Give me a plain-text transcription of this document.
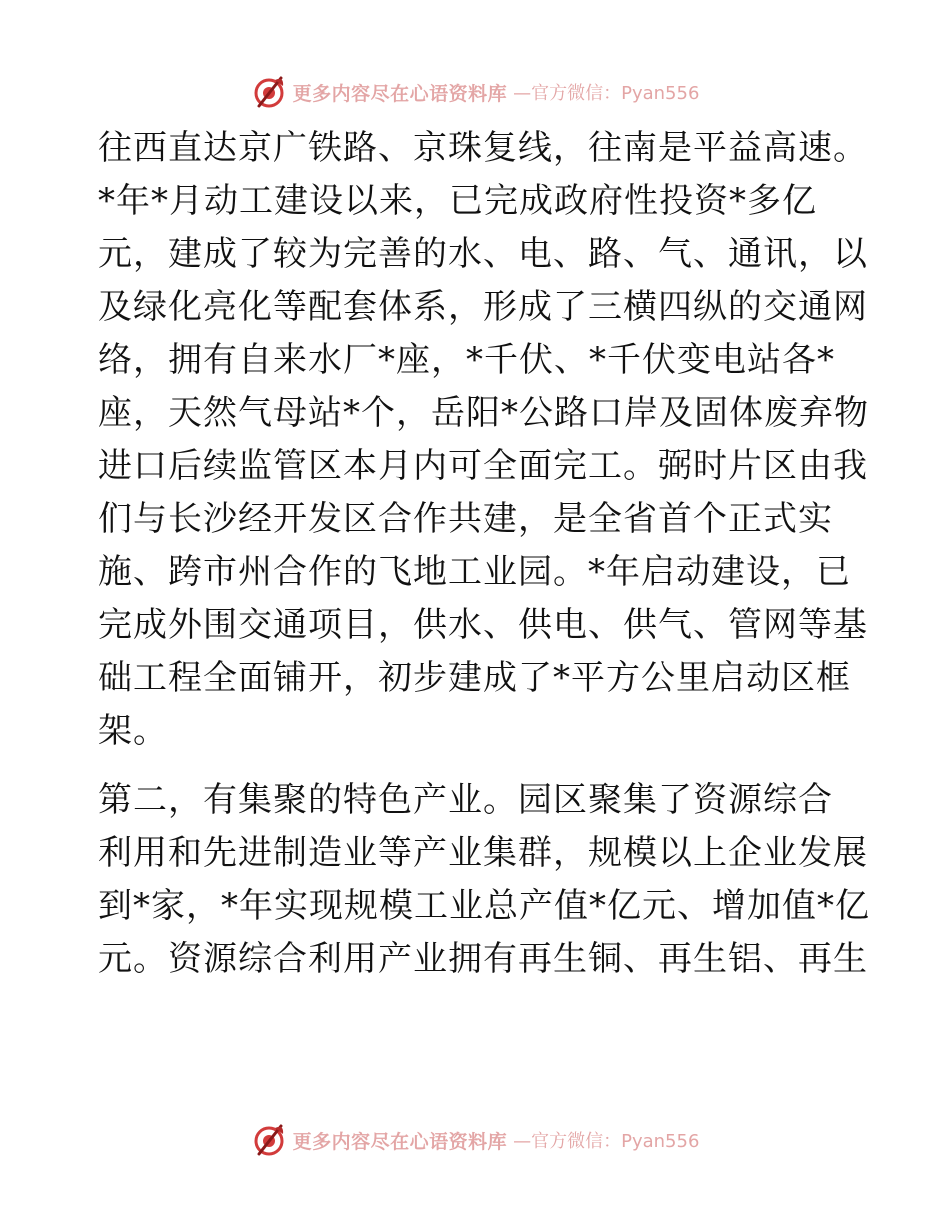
更多内容尽在心语资料库 —官方微信：Pyan556

往西直达京广铁路、京珠复线，往南是平益高速。
*年*月动工建设以来，已完成政府性投资*多亿
元，建成了较为完善的水、电、路、气、通讯，以
及绿化亮化等配套体系，形成了三横四纵的交通网
络，拥有自来水厂*座，*千伏、*千伏变电站各*
座，天然气母站*个，岳阳*公路口岸及固体废弃物
进口后续监管区本月内可全面完工。弼时片区由我
们与长沙经开发区合作共建，是全省首个正式实
施、跨市州合作的飞地工业园。*年启动建设，已
完成外围交通项目，供水、供电、供气、管网等基
础工程全面铺开，初步建成了*平方公里启动区框
架。

第二，有集聚的特色产业。园区聚集了资源综合
利用和先进制造业等产业集群，规模以上企业发展
到*家，*年实现规模工业总产值*亿元、增加值*亿
元。资源综合利用产业拥有再生铜、再生铝、再生

更多内容尽在心语资料库 —官方微信：Pyan556
